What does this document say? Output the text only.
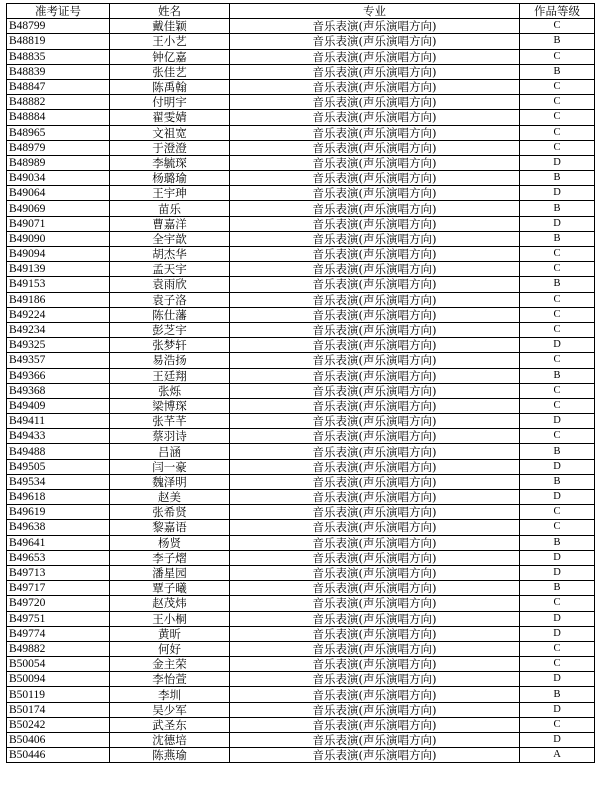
准考证号	姓名	专业	作品等级
B48799	戴佳颖	音乐表演(声乐演唱方向)	C
B48819	王小艺	音乐表演(声乐演唱方向)	B
B48835	钟亿嘉	音乐表演(声乐演唱方向)	C
B48839	张佳艺	音乐表演(声乐演唱方向)	B
B48847	陈禹翰	音乐表演(声乐演唱方向)	C
B48882	付明宇	音乐表演(声乐演唱方向)	C
B48884	翟雯婧	音乐表演(声乐演唱方向)	C
B48965	文祖宽	音乐表演(声乐演唱方向)	C
B48979	于澄澄	音乐表演(声乐演唱方向)	C
B48989	李毓琛	音乐表演(声乐演唱方向)	D
B49034	杨璐瑜	音乐表演(声乐演唱方向)	B
B49064	王宇珅	音乐表演(声乐演唱方向)	D
B49069	苗乐	音乐表演(声乐演唱方向)	B
B49071	曹嘉洋	音乐表演(声乐演唱方向)	D
B49090	全宇歆	音乐表演(声乐演唱方向)	B
B49094	胡杰华	音乐表演(声乐演唱方向)	C
B49139	孟天宇	音乐表演(声乐演唱方向)	C
B49153	袁雨欣	音乐表演(声乐演唱方向)	B
B49186	袁子洛	音乐表演(声乐演唱方向)	C
B49224	陈仕藩	音乐表演(声乐演唱方向)	C
B49234	彭芝宇	音乐表演(声乐演唱方向)	C
B49325	张梦轩	音乐表演(声乐演唱方向)	D
B49357	易浩扬	音乐表演(声乐演唱方向)	C
B49366	王廷翔	音乐表演(声乐演唱方向)	B
B49368	张烁	音乐表演(声乐演唱方向)	C
B49409	梁博琛	音乐表演(声乐演唱方向)	C
B49411	张芊芊	音乐表演(声乐演唱方向)	D
B49433	蔡羽诗	音乐表演(声乐演唱方向)	C
B49488	吕涵	音乐表演(声乐演唱方向)	B
B49505	闫一豪	音乐表演(声乐演唱方向)	D
B49534	魏泽明	音乐表演(声乐演唱方向)	B
B49618	赵美	音乐表演(声乐演唱方向)	D
B49619	张希贤	音乐表演(声乐演唱方向)	C
B49638	黎嘉语	音乐表演(声乐演唱方向)	C
B49641	杨贤	音乐表演(声乐演唱方向)	B
B49653	李子熠	音乐表演(声乐演唱方向)	D
B49713	潘星园	音乐表演(声乐演唱方向)	D
B49717	覃子曦	音乐表演(声乐演唱方向)	B
B49720	赵茂炜	音乐表演(声乐演唱方向)	C
B49751	王小桐	音乐表演(声乐演唱方向)	D
B49774	黄昕	音乐表演(声乐演唱方向)	D
B49882	何好	音乐表演(声乐演唱方向)	C
B50054	金主荣	音乐表演(声乐演唱方向)	C
B50094	李怡萱	音乐表演(声乐演唱方向)	D
B50119	李圳	音乐表演(声乐演唱方向)	B
B50174	吴少军	音乐表演(声乐演唱方向)	D
B50242	武圣东	音乐表演(声乐演唱方向)	C
B50406	沈德培	音乐表演(声乐演唱方向)	D
B50446	陈燕瑜	音乐表演(声乐演唱方向)	A
